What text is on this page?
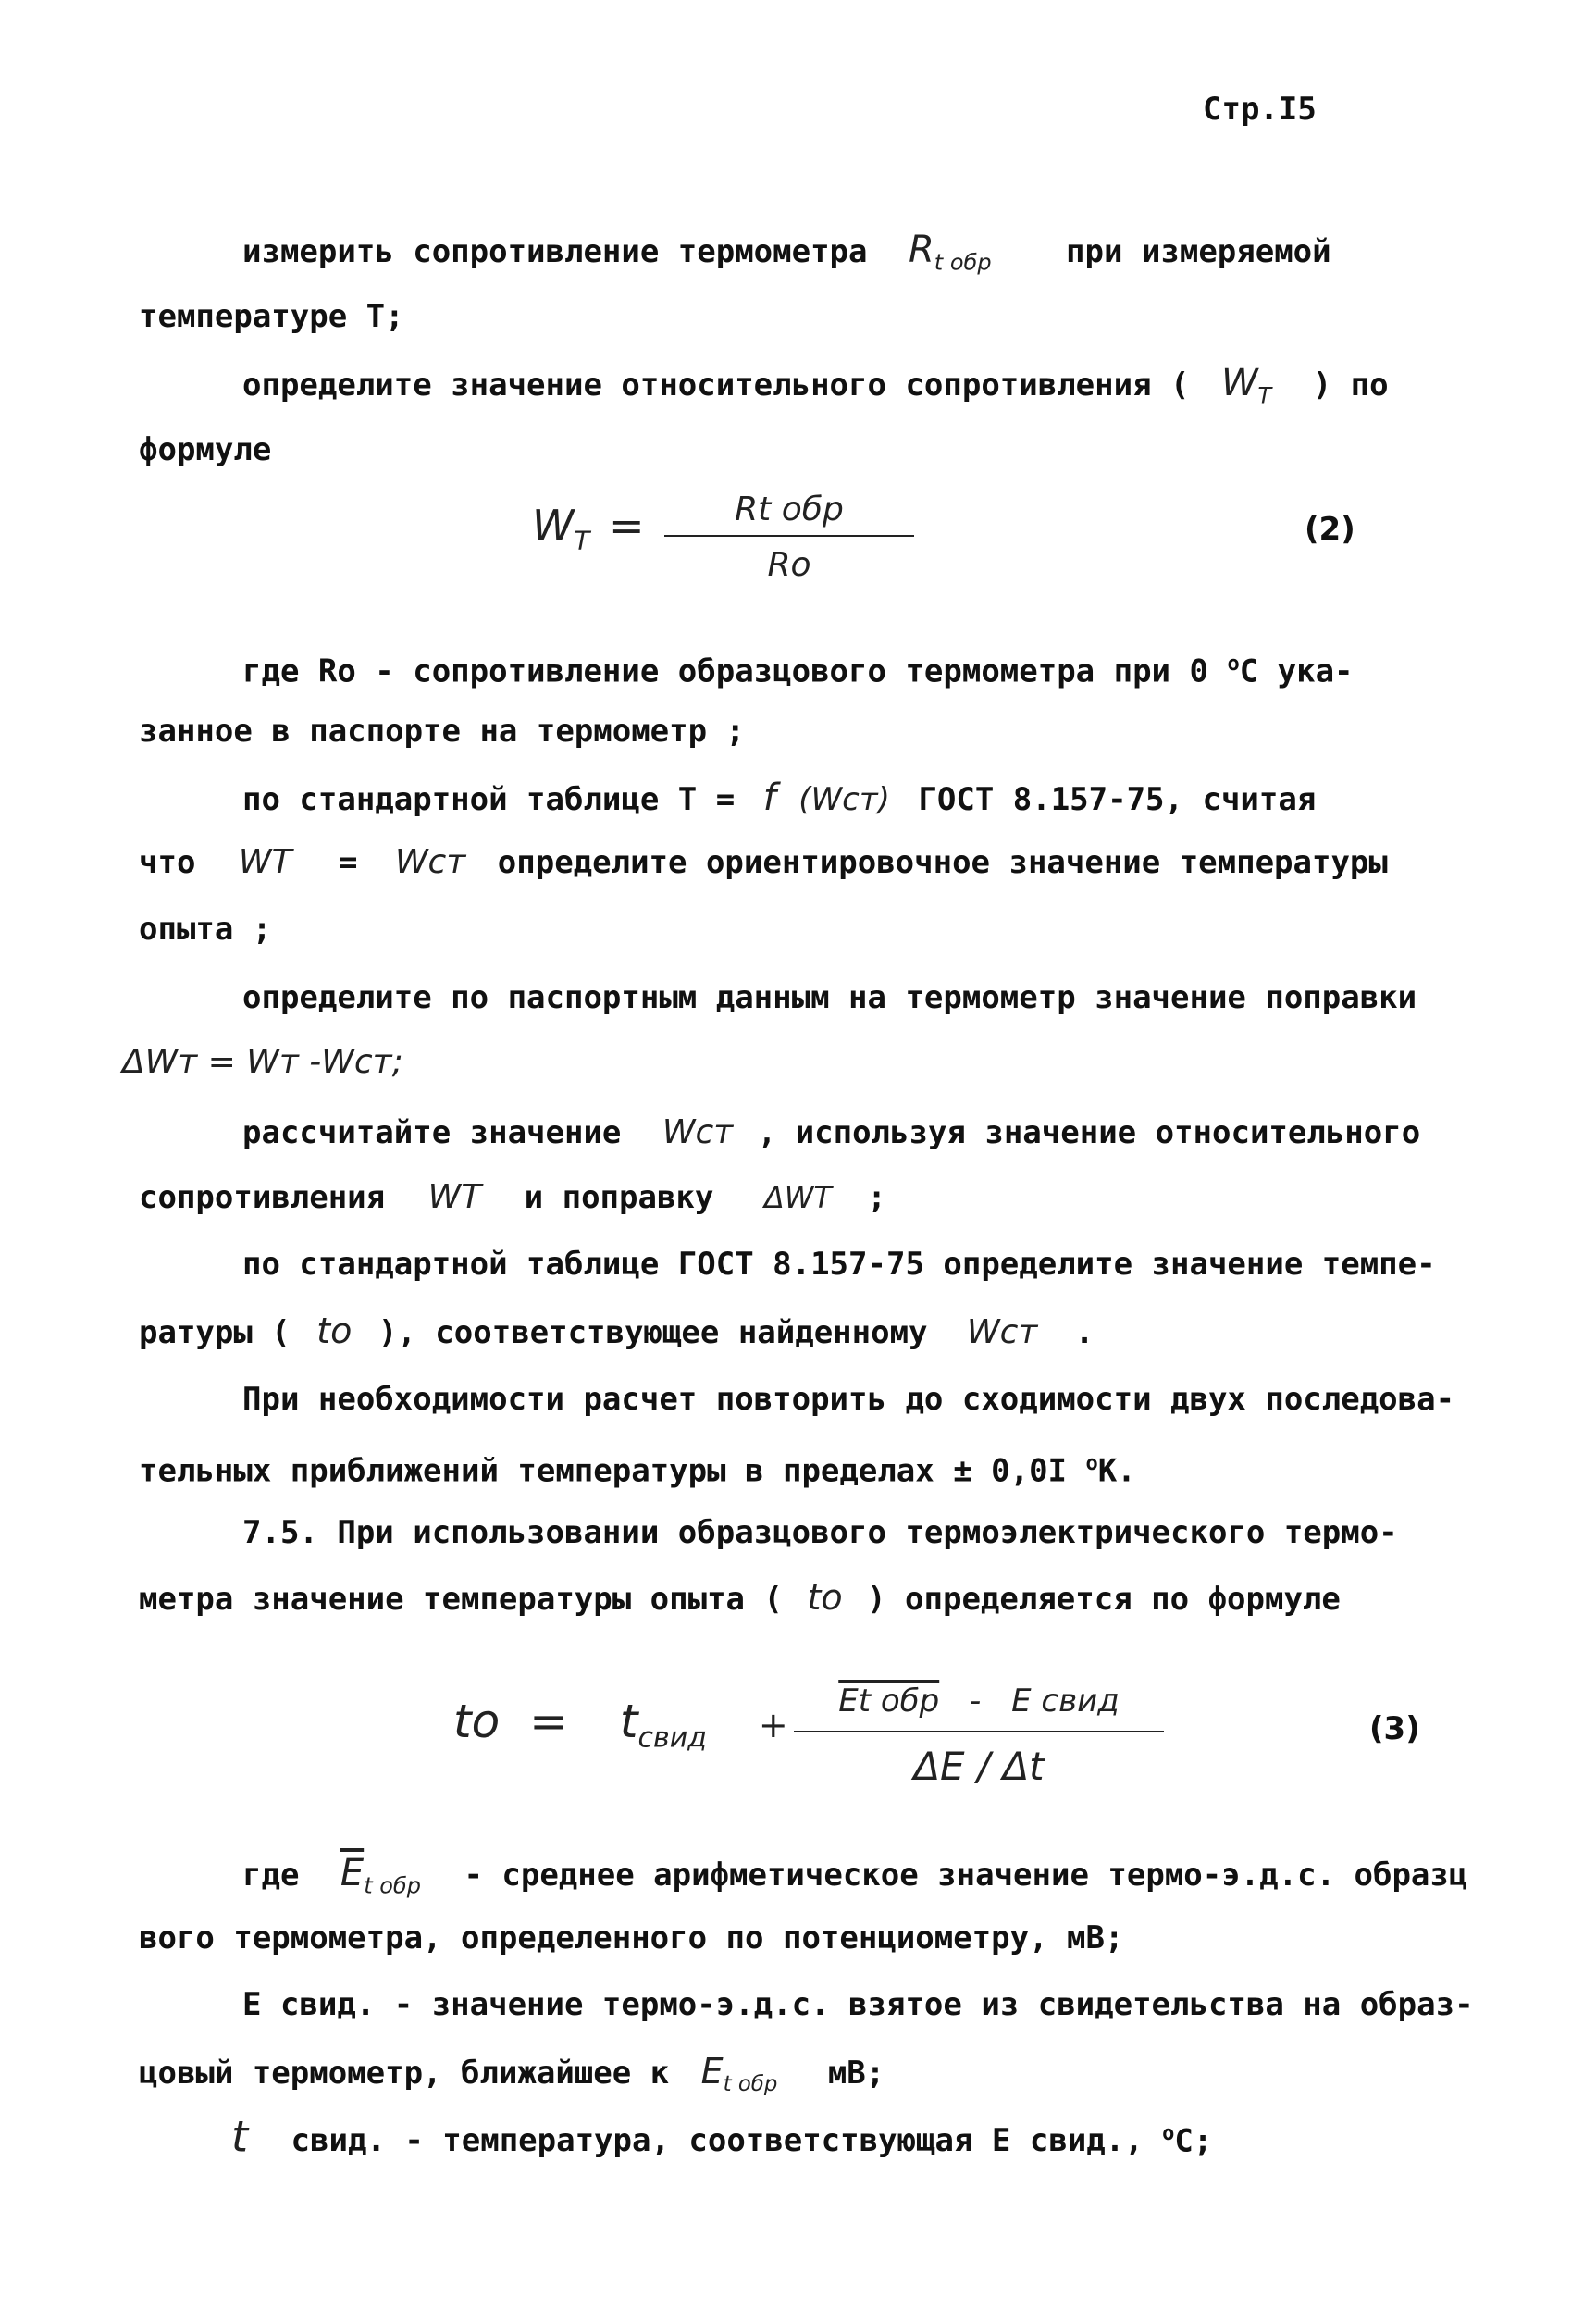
Стр.I5
измерить сопротивление термометра $R_{t обр}$ при измеряемой
температуре Т;
определите значение относительного сопротивления ( $W_T$ ) по
формуле
$W_T$ =	Rt обр
Ro
(2)
где Ro - сопротивление образцового термометра при 0 $^o$C ука-
занное в паспорте на термометр ;
по стандартной таблице Т = f (Wст) ГОСТ 8.157-75, считая
что WT = Wст определите ориентировочное значение температуры
опыта ;
определите по паспортным данным на термометр значение поправки
ΔWт = Wт -Wст;
рассчитайте значение Wст , используя значение относительного
сопротивления WT и поправку ΔWT ;
по стандартной таблице ГОСТ 8.157-75 определите значение темпе-
ратуры ( to ), соответствующее найденному Wст .
При необходимости расчет повторить до сходимости двух последова-
тельных приближений температуры в пределах ± 0,0I $^o$К.
7.5. При использовании образцового термоэлектрического термо-
метра значение температуры опыта ( to ) определяется по формуле
to = $t_{свид}$ +
Et обр - E свид
ΔE / Δt
(3)
где $\overline{E}_{t обр}$ - среднее арифметическое значение термо-э.д.с. образц
вого термометра, определенного по потенциометру, мВ;
Е свид. - значение термо-э.д.с. взятое из свидетельства на образ-
цовый термометр, ближайшее к $E_{t обр}$ мВ;
t свид. - температура, соответствующая Е свид., $^o$C;
